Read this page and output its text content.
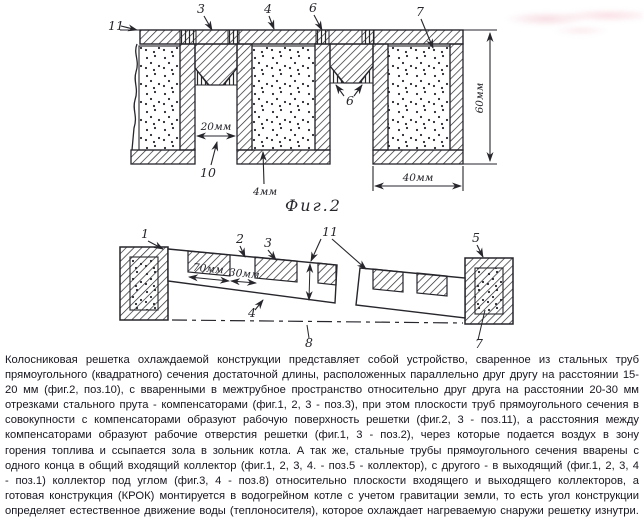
60мм
40мм
20мм
4мм
11
3	4	6	7
6
10
Фиг.2
70мм 30мм
1	2 3
11
4
8
5
7

Колосниковая решетка охлаждаемой конструкции представляет собой устройство, сваренное из стальных труб прямоугольного (квадратного) сечения достаточной длины, расположенных параллельно друг другу на расстоянии 15-20 мм (фиг.2, поз.10), с вваренными в межтрубное пространство относительно друг друга на расстоянии 20-30 мм отрезками стального прута - компенсаторами (фиг.1, 2, 3 - поз.3), при этом плоскости труб прямоугольного сечения в совокупности с компенсаторами образуют рабочую поверхность решетки (фиг.2, 3 - поз.11), а расстояния между компенсаторами образуют рабочие отверстия решетки (фиг.1, 3 - поз.2), через которые подается воздух в зону горения топлива и ссыпается зола в зольник котла. А так же, стальные трубы прямоугольного сечения вварены с одного конца в общий входящий коллектор (фиг.1, 2, 3, 4. - поз.5 - коллектор), с другого - в выходящий (фиг.1, 2, 3, 4 - поз.1) коллектор под углом (фиг.3, 4 - поз.8) относительно плоскости входящего и выходящего коллекторов, а готовая конструкция (КРОК) монтируется в водогрейном котле с учетом гравитации земли, то есть угол конструкции определяет естественное движение воды (теплоносителя), которое охлаждает нагреваемую снаружи решетку изнутри.
